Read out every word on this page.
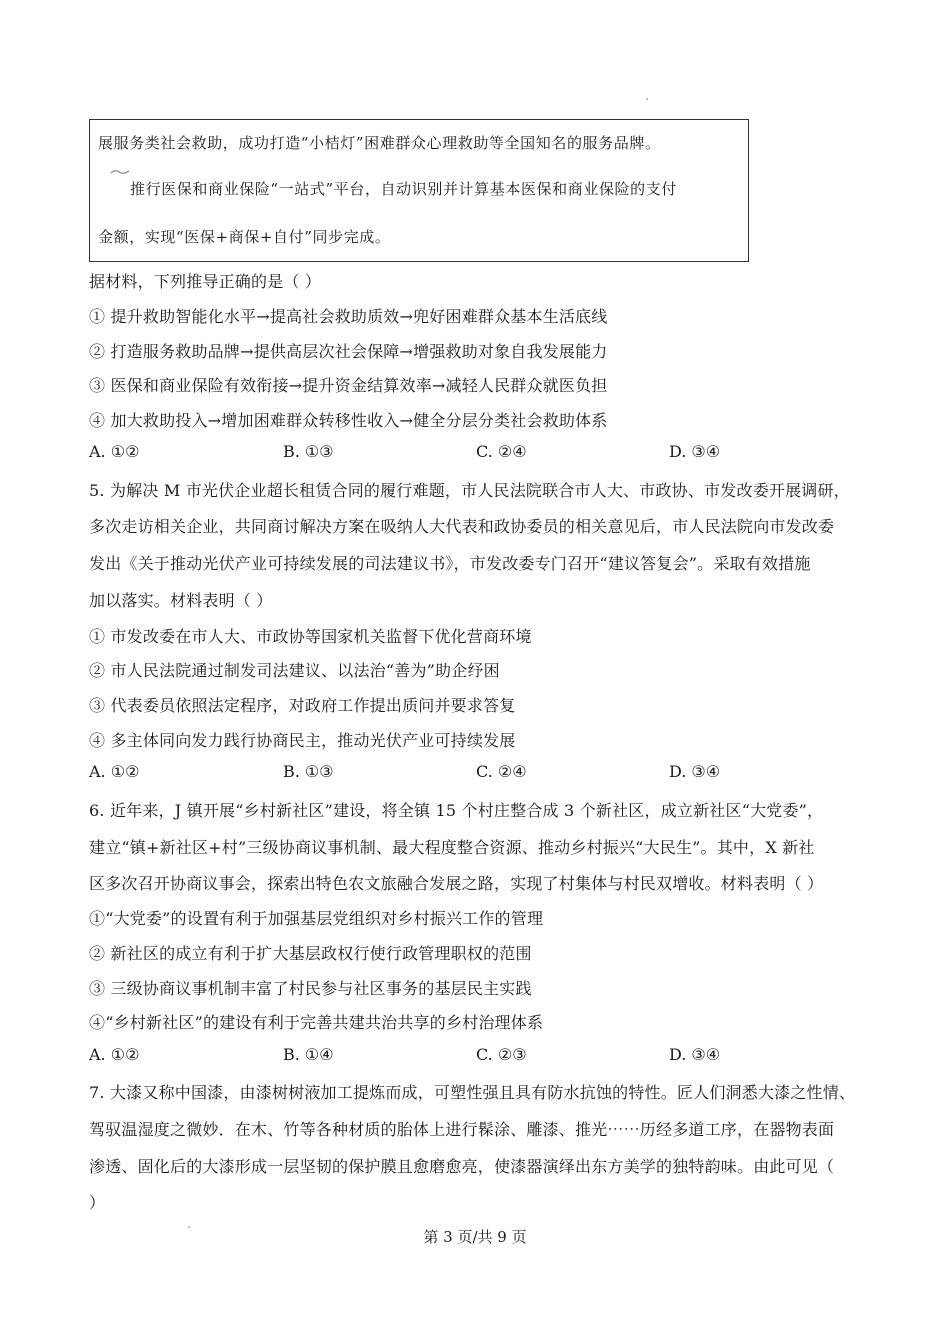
展服务类社会救助，成功打造“小桔灯”困难群众心理救助等全国知名的服务品牌。
推行医保和商业保险“一站式”平台，自动识别并计算基本医保和商业保险的支付
金额，实现“医保+商保+自付”同步完成。
据材料，下列推导正确的是（ ）
① 提升救助智能化水平→提高社会救助质效→兜好困难群众基本生活底线
② 打造服务救助品牌→提供高层次社会保障→增强救助对象自我发展能力
③ 医保和商业保险有效衔接→提升资金结算效率→减轻人民群众就医负担
④ 加大救助投入→增加困难群众转移性收入→健全分层分类社会救助体系
A. ①②	B. ①③	C. ②④	D. ③④
5. 为解决 M 市光伏企业超长租赁合同的履行难题，市人民法院联合市人大、市政协、市发改委开展调研，
多次走访相关企业，共同商讨解决方案在吸纳人大代表和政协委员的相关意见后，市人民法院向市发改委
发出《关于推动光伏产业可持续发展的司法建议书》，市发改委专门召开“建议答复会”。采取有效措施
加以落实。材料表明（ ）
① 市发改委在市人大、市政协等国家机关监督下优化营商环境
② 市人民法院通过制发司法建议、以法治“善为”助企纾困
③ 代表委员依照法定程序，对政府工作提出质问并要求答复
④ 多主体同向发力践行协商民主，推动光伏产业可持续发展
A. ①②	B. ①③	C. ②④	D. ③④
6. 近年来，J 镇开展“乡村新社区”建设，将全镇 15 个村庄整合成 3 个新社区，成立新社区“大党委”，
建立“镇+新社区+村”三级协商议事机制、最大程度整合资源、推动乡村振兴“大民生”。其中，X 新社
区多次召开协商议事会，探索出特色农文旅融合发展之路，实现了村集体与村民双增收。材料表明（ ）
①“大党委”的设置有利于加强基层党组织对乡村振兴工作的管理
② 新社区的成立有利于扩大基层政权行使行政管理职权的范围
③ 三级协商议事机制丰富了村民参与社区事务的基层民主实践
④“乡村新社区”的建设有利于完善共建共治共享的乡村治理体系
A. ①②	B. ①④	C. ②③	D. ③④
7. 大漆又称中国漆，由漆树树液加工提炼而成，可塑性强且具有防水抗蚀的特性。匠人们洞悉大漆之性情、
驾驭温湿度之微妙．在木、竹等各种材质的胎体上进行髹涂、雕漆、推光⋯⋯历经多道工序，在器物表面
渗透、固化后的大漆形成一层坚韧的保护膜且愈磨愈亮，使漆器演绎出东方美学的独特韵味。由此可见（
）
第 3 页/共 9 页
